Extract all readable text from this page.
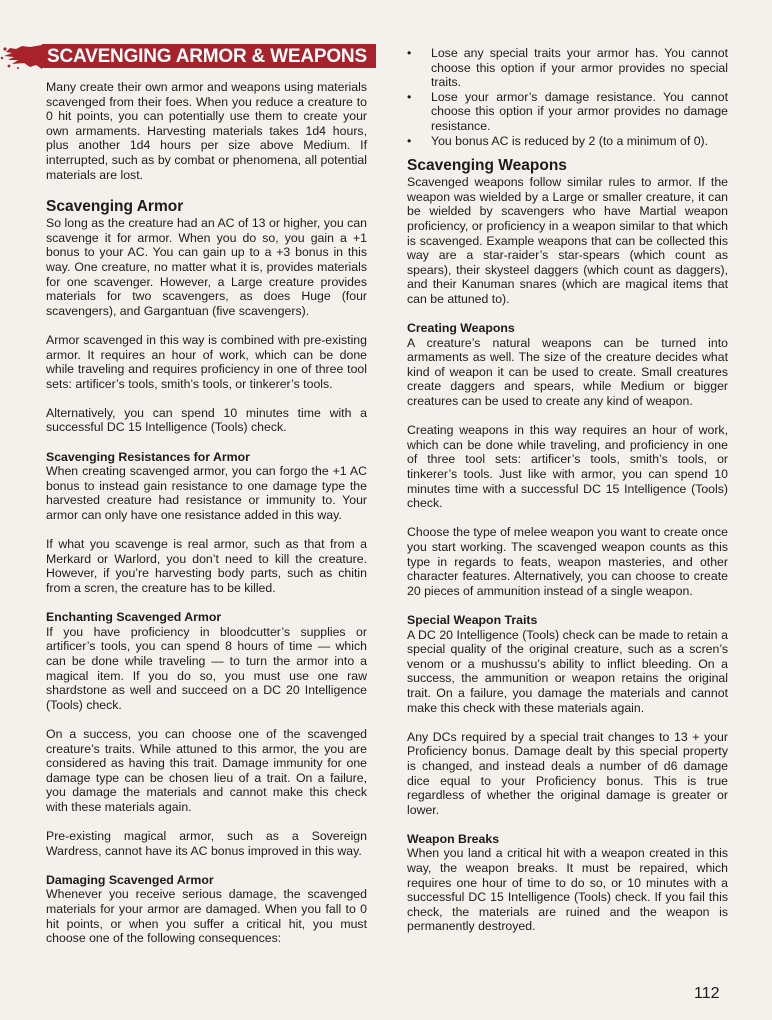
SCAVENGING ARMOR & WEAPONS

Many create their own armor and weapons using materials scavenged from their foes. When you reduce a creature to 0 hit points, you can potentially use them to create your own armaments. Harvesting materials takes 1d4 hours, plus another 1d4 hours per size above Medium. If interrupted, such as by combat or phenomena, all potential materials are lost.

Scavenging Armor

So long as the creature had an AC of 13 or higher, you can scavenge it for armor. When you do so, you gain a +1 bonus to your AC. You can gain up to a +3 bonus in this way. One creature, no matter what it is, provides materials for one scavenger. However, a Large creature provides materials for two scavengers, as does Huge (four scavengers), and Gargantuan (five scavengers).

Armor scavenged in this way is combined with pre-existing armor. It requires an hour of work, which can be done while traveling and requires proficiency in one of three tool sets: artificer’s tools, smith’s tools, or tinkerer’s tools.

Alternatively, you can spend 10 minutes time with a successful DC 15 Intelligence (Tools) check.

Scavenging Resistances for Armor

When creating scavenged armor, you can forgo the +1 AC bonus to instead gain resistance to one damage type the harvested creature had resistance or immunity to. Your armor can only have one resistance added in this way.

If what you scavenge is real armor, such as that from a Merkard or Warlord, you don’t need to kill the creature. However, if you’re harvesting body parts, such as chitin from a scren, the creature has to be killed.

Enchanting Scavenged Armor

If you have proficiency in bloodcutter’s supplies or artificer’s tools, you can spend 8 hours of time — which can be done while traveling — to turn the armor into a magical item. If you do so, you must use one raw shardstone as well and succeed on a DC 20 Intelligence (Tools) check.

On a success, you can choose one of the scavenged creature’s traits. While attuned to this armor, the you are considered as having this trait. Damage immunity for one damage type can be chosen lieu of a trait. On a failure, you damage the materials and cannot make this check with these materials again.

Pre-existing magical armor, such as a Sovereign Wardress, cannot have its AC bonus improved in this way.

Damaging Scavenged Armor

Whenever you receive serious damage, the scavenged materials for your armor are damaged. When you fall to 0 hit points, or when you suffer a critical hit, you must choose one of the following consequences:

• Lose any special traits your armor has. You cannot choose this option if your armor provides no special traits.
• Lose your armor’s damage resistance. You cannot choose this option if your armor provides no damage resistance.
• You bonus AC is reduced by 2 (to a minimum of 0).
Scavenging Weapons

Scavenged weapons follow similar rules to armor. If the weapon was wielded by a Large or smaller creature, it can be wielded by scavengers who have Martial weapon proficiency, or proficiency in a weapon similar to that which is scavenged. Example weapons that can be collected this way are a star-raider’s star-spears (which count as spears), their skysteel daggers (which count as daggers), and their Kanuman snares (which are magical items that can be attuned to).

Creating Weapons

A creature’s natural weapons can be turned into armaments as well. The size of the creature decides what kind of weapon it can be used to create. Small creatures create daggers and spears, while Medium or bigger creatures can be used to create any kind of weapon.

Creating weapons in this way requires an hour of work, which can be done while traveling, and proficiency in one of three tool sets: artificer’s tools, smith’s tools, or tinkerer’s tools. Just like with armor, you can spend 10 minutes time with a successful DC 15 Intelligence (Tools) check.

Choose the type of melee weapon you want to create once you start working. The scavenged weapon counts as this type in regards to feats, weapon masteries, and other character features. Alternatively, you can choose to create 20 pieces of ammunition instead of a single weapon.

Special Weapon Traits

A DC 20 Intelligence (Tools) check can be made to retain a special quality of the original creature, such as a scren’s venom or a mushussu’s ability to inflict bleeding. On a success, the ammunition or weapon retains the original trait. On a failure, you damage the materials and cannot make this check with these materials again.

Any DCs required by a special trait changes to 13 + your Proficiency bonus. Damage dealt by this special property is changed, and instead deals a number of d6 damage dice equal to your Proficiency bonus. This is true regardless of whether the original damage is greater or lower.

Weapon Breaks

When you land a critical hit with a weapon created in this way, the weapon breaks. It must be repaired, which requires one hour of time to do so, or 10 minutes with a successful DC 15 Intelligence (Tools) check. If you fail this check, the materials are ruined and the weapon is permanently destroyed.

112
